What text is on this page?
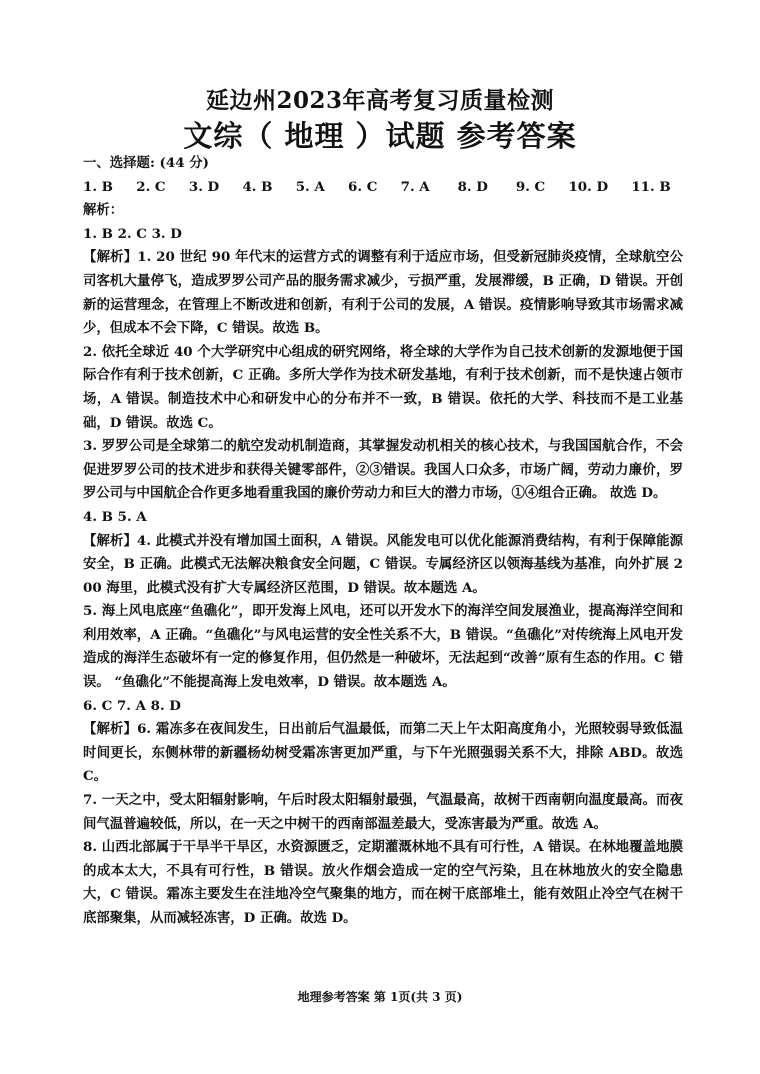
延边州2023年高考复习质量检测
文综（ 地理 ）试题 参考答案

一、选择题: (44 分)

1. B     2. C     3. D     4. B     5. A     6. C     7. A      8. D      9. C     10. D     11. B

解析：

1. B 2. C 3. D

【解析】1. 20 世纪 90 年代末的运营方式的调整有利于适应市场，但受新冠肺炎疫情，全球航空公司客机大量停飞，造成罗罗公司产品的服务需求减少，亏损严重，发展滞缓，B 正确，D 错误。开创新的运营理念，在管理上不断改进和创新，有利于公司的发展，A 错误。疫情影响导致其市场需求减少，但成本不会下降，C 错误。故选 B。

2. 依托全球近 40 个大学研究中心组成的研究网络，将全球的大学作为自己技术创新的发源地便于国际合作有利于技术创新，C 正确。多所大学作为技术研发基地，有利于技术创新，而不是快速占领市场，A 错误。制造技术中心和研发中心的分布并不一致，B 错误。依托的大学、科技而不是工业基础，D 错误。故选 C。

3. 罗罗公司是全球第二的航空发动机制造商，其掌握发动机相关的核心技术，与我国国航合作，不会促进罗罗公司的技术进步和获得关键零部件，②③错误。我国人口众多，市场广阔，劳动力廉价，罗罗公司与中国航企合作更多地看重我国的廉价劳动力和巨大的潜力市场，①④组合正确。 故选 D。

4. B 5. A

【解析】4. 此模式并没有增加国土面积，A 错误。风能发电可以优化能源消费结构，有利于保障能源安全，B 正确。此模式无法解决粮食安全问题，C 错误。专属经济区以领海基线为基准，向外扩展 200 海里，此模式没有扩大专属经济区范围，D 错误。故本题选 A。

5. 海上风电底座“鱼礁化”，即开发海上风电，还可以开发水下的海洋空间发展渔业，提高海洋空间和利用效率，A 正确。“鱼礁化”与风电运营的安全性关系不大，B 错误。“鱼礁化”对传统海上风电开发造成的海洋生态破坏有一定的修复作用，但仍然是一种破坏，无法起到“改善”原有生态的作用。C 错误。 “鱼礁化”不能提高海上发电效率，D 错误。故本题选 A。

6. C 7. A 8. D

【解析】6. 霜冻多在夜间发生，日出前后气温最低，而第二天上午太阳高度角小，光照较弱导致低温时间更长，东侧林带的新疆杨幼树受霜冻害更加严重，与下午光照强弱关系不大，排除 ABD。故选 C。

7. 一天之中，受太阳辐射影响，午后时段太阳辐射最强，气温最高，故树干西南朝向温度最高。而夜间气温普遍较低，所以，在一天之中树干的西南部温差最大，受冻害最为严重。故选 A。

8. 山西北部属于干旱半干旱区，水资源匮乏，定期灌溉林地不具有可行性，A 错误。在林地覆盖地膜的成本太大，不具有可行性，B 错误。放火作烟会造成一定的空气污染，且在林地放火的安全隐患大，C 错误。霜冻主要发生在洼地冷空气聚集的地方，而在树干底部堆土，能有效阻止冷空气在树干底部聚集，从而减轻冻害，D 正确。故选 D。

地理参考答案 第 1页(共 3 页)
